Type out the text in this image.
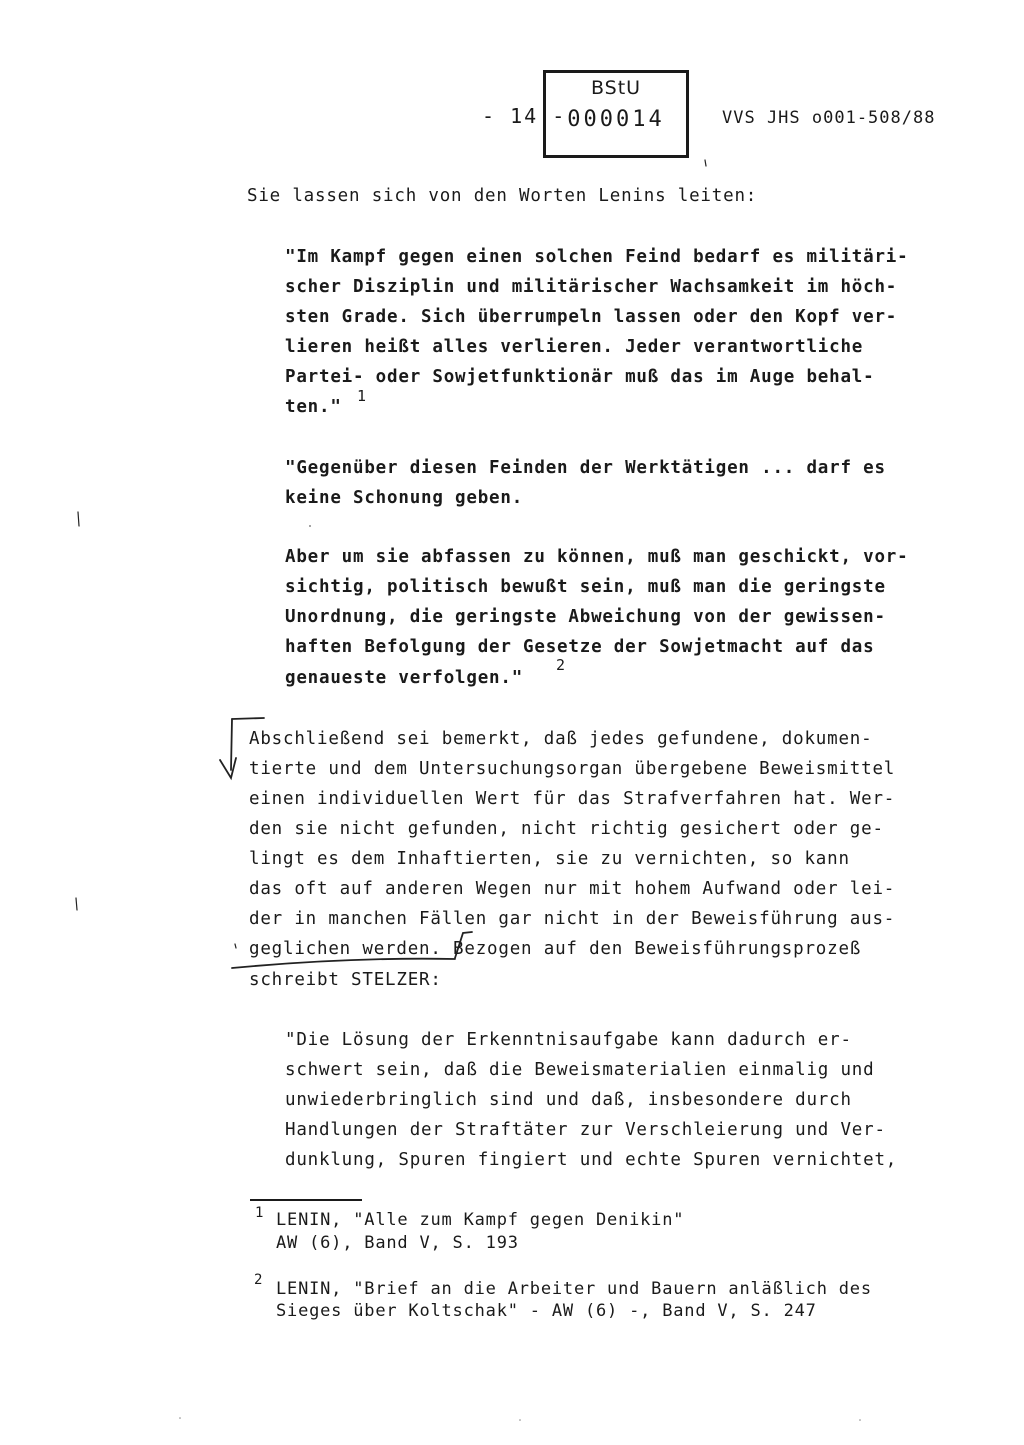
- 14 -
BStU
000014	VVS JHS o001-508/88
Sie lassen sich von den Worten Lenins leiten:
"Im Kampf gegen einen solchen Feind bedarf es militäri-
scher Disziplin und militärischer Wachsamkeit im höch-
sten Grade. Sich überrumpeln lassen oder den Kopf ver-
lieren heißt alles verlieren. Jeder verantwortliche
Partei- oder Sowjetfunktionär muß das im Auge behal-
ten."
1
"Gegenüber diesen Feinden der Werktätigen ... darf es
keine Schonung geben.
Aber um sie abfassen zu können, muß man geschickt, vor-
sichtig, politisch bewußt sein, muß man die geringste
Unordnung, die geringste Abweichung von der gewissen-
haften Befolgung der Gesetze der Sowjetmacht auf das
genaueste verfolgen."
2
Abschließend sei bemerkt, daß jedes gefundene, dokumen-
tierte und dem Untersuchungsorgan übergebene Beweismittel
einen individuellen Wert für das Strafverfahren hat. Wer-
den sie nicht gefunden, nicht richtig gesichert oder ge-
lingt es dem Inhaftierten, sie zu vernichten, so kann
das oft auf anderen Wegen nur mit hohem Aufwand oder lei-
der in manchen Fällen gar nicht in der Beweisführung aus-
geglichen werden. Bezogen auf den Beweisführungsprozeß
schreibt STELZER:
"Die Lösung der Erkenntnisaufgabe kann dadurch er-
schwert sein, daß die Beweismaterialien einmalig und
unwiederbringlich sind und daß, insbesondere durch
Handlungen der Straftäter zur Verschleierung und Ver-
dunklung, Spuren fingiert und echte Spuren vernichtet,
1 LENIN, "Alle zum Kampf gegen Denikin"
AW (6), Band V, S. 193
2 LENIN, "Brief an die Arbeiter und Bauern anläßlich des
Sieges über Koltschak" - AW (6) -, Band V, S. 247
